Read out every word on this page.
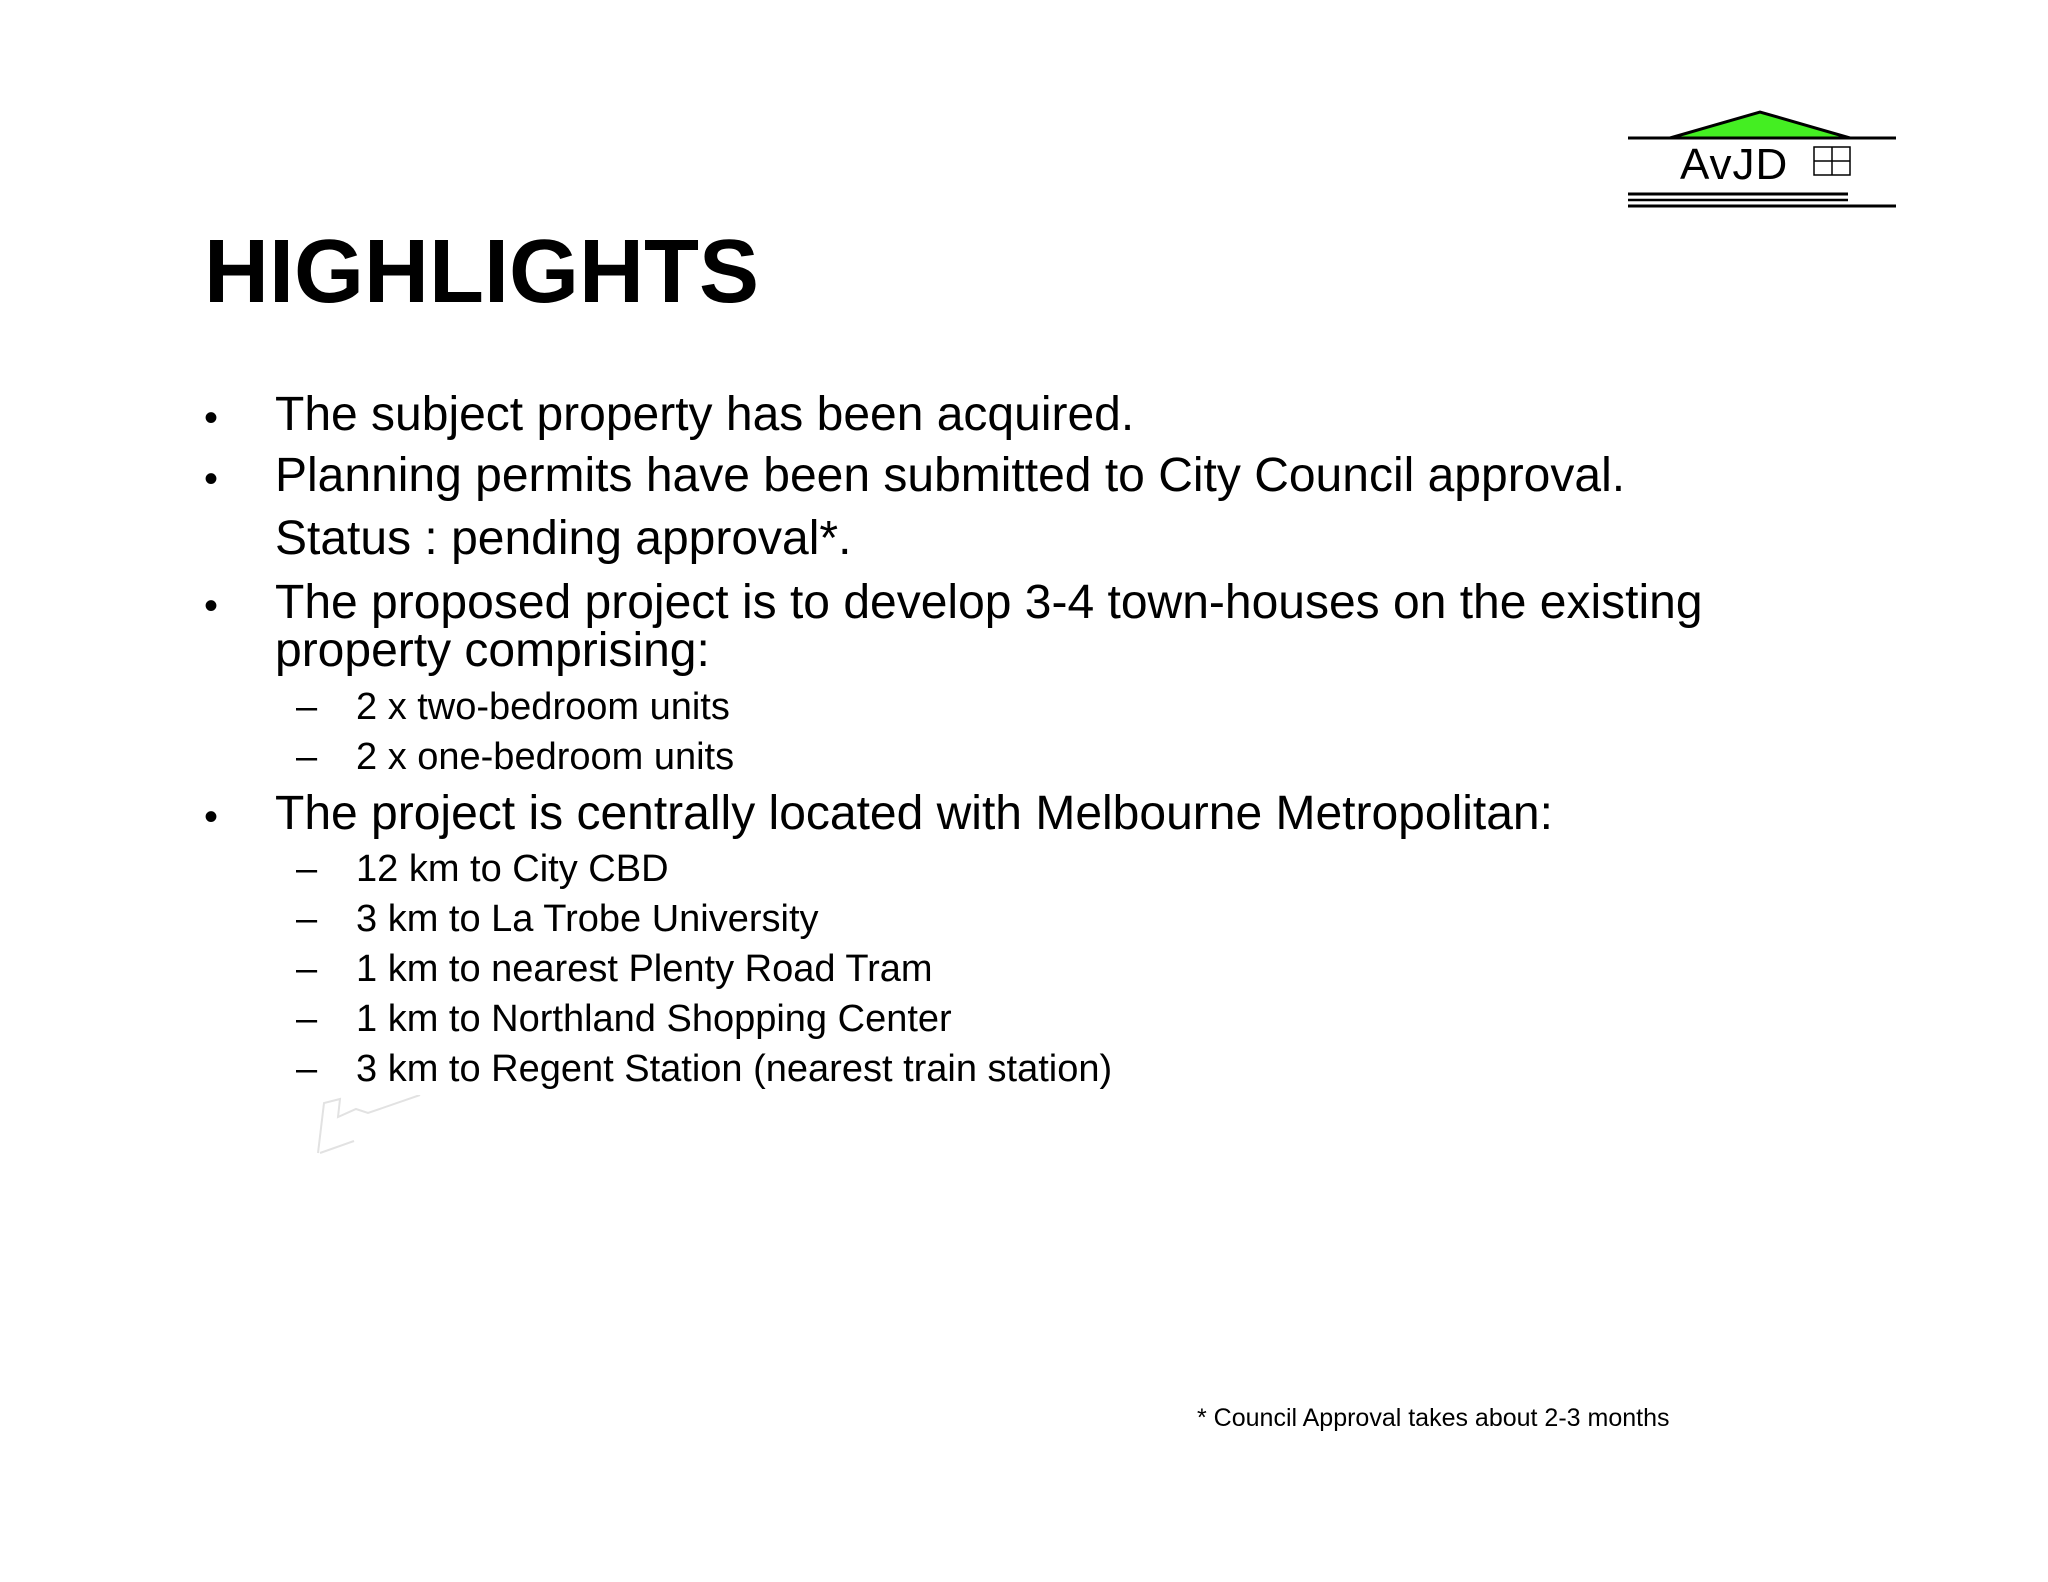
AvJD
HIGHLIGHTS
• The subject property has been acquired.
• Planning permits have been submitted to City Council approval.
Status : pending approval*.
• The proposed project is to develop 3-4 town-houses on the existing
property comprising:
– 2 x two-bedroom units
– 2 x one-bedroom units
• The project is centrally located with Melbourne Metropolitan:
– 12 km to City CBD
– 3 km to La Trobe University
– 1 km to nearest Plenty Road Tram
– 1 km to Northland Shopping Center
– 3 km to Regent Station (nearest train station)
* Council Approval takes about 2-3 months
